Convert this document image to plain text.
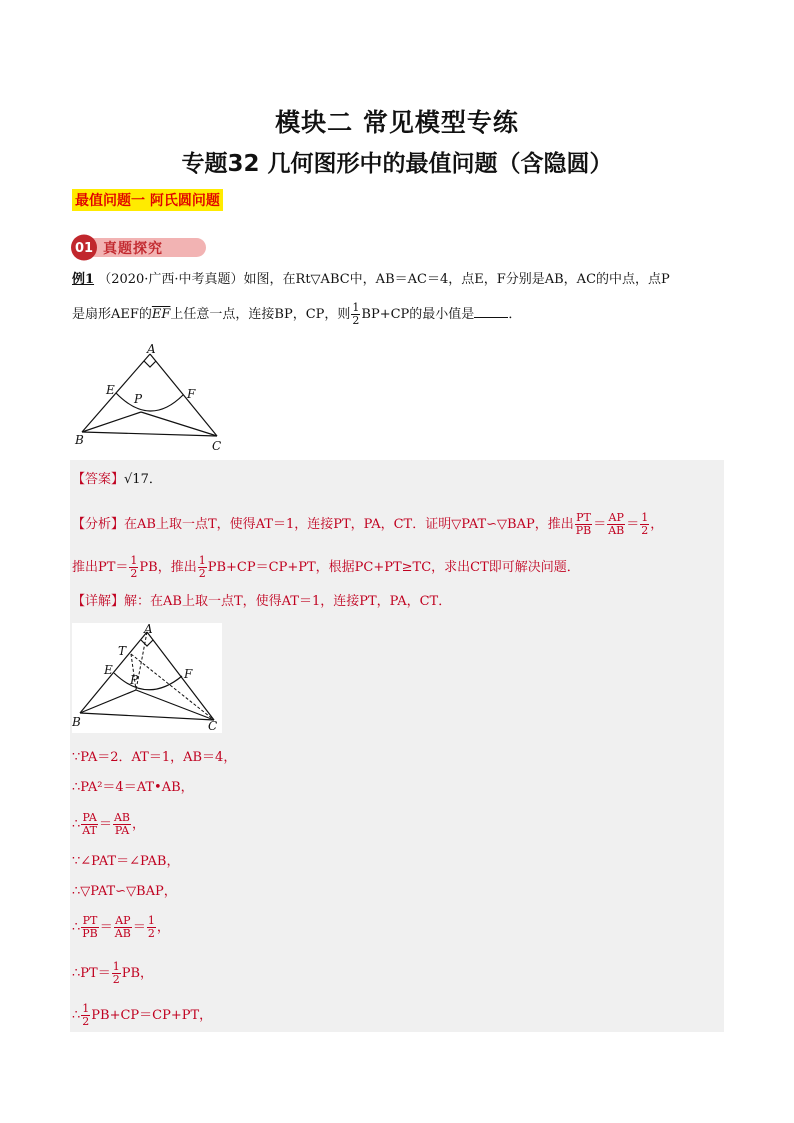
模块二 常见模型专练
专题32 几何图形中的最值问题（含隐圆）
最值问题一 阿氏圆问题
01 真题探究
例1 （2020·广西·中考真题）如图，在Rt▽ABC中，AB＝AC＝4，点E，F分别是AB，AC的中点，点P
是扇形AEF的$\overline{EF}$上任意一点，连接BP，CP，则 $\frac{1}{2} BP+CP$的最小值是	．
A
E	F
P
B	C
【答案】√17．
【分析】在AB上取一点T，使得AT＝1，连接PT，PA，CT．证明▽PAT∽▽BAP，推出 $\frac{PT}{PB} = \frac{AP}{AB} = \frac{1}{2}$ ，
推出$PT= \frac{1}{2}$ PB，推出 $\frac{1}{2} PB+CP=CP+PT$，根据PC+PT≥TC，求出CT即可解决问题．
【详解】解：在AB上取一点T，使得AT＝1，连接PT，PA，CT．
A
T
E	F
P
B	C
∵PA＝2．AT＝1，AB＝4，
∴PA²＝4＝AT•AB，
∴ $\frac{PA}{AT} = \frac{AB}{PA}$ ，
∵∠PAT＝∠PAB，
∴▽PAT∽▽BAP，
∴ $\frac{PT}{PB} = \frac{AP}{AB} = \frac{1}{2}$ ，
∴PT＝ $\frac{1}{2}$ PB，
∴ $\frac{1}{2} PB+CP=CP+PT$，
